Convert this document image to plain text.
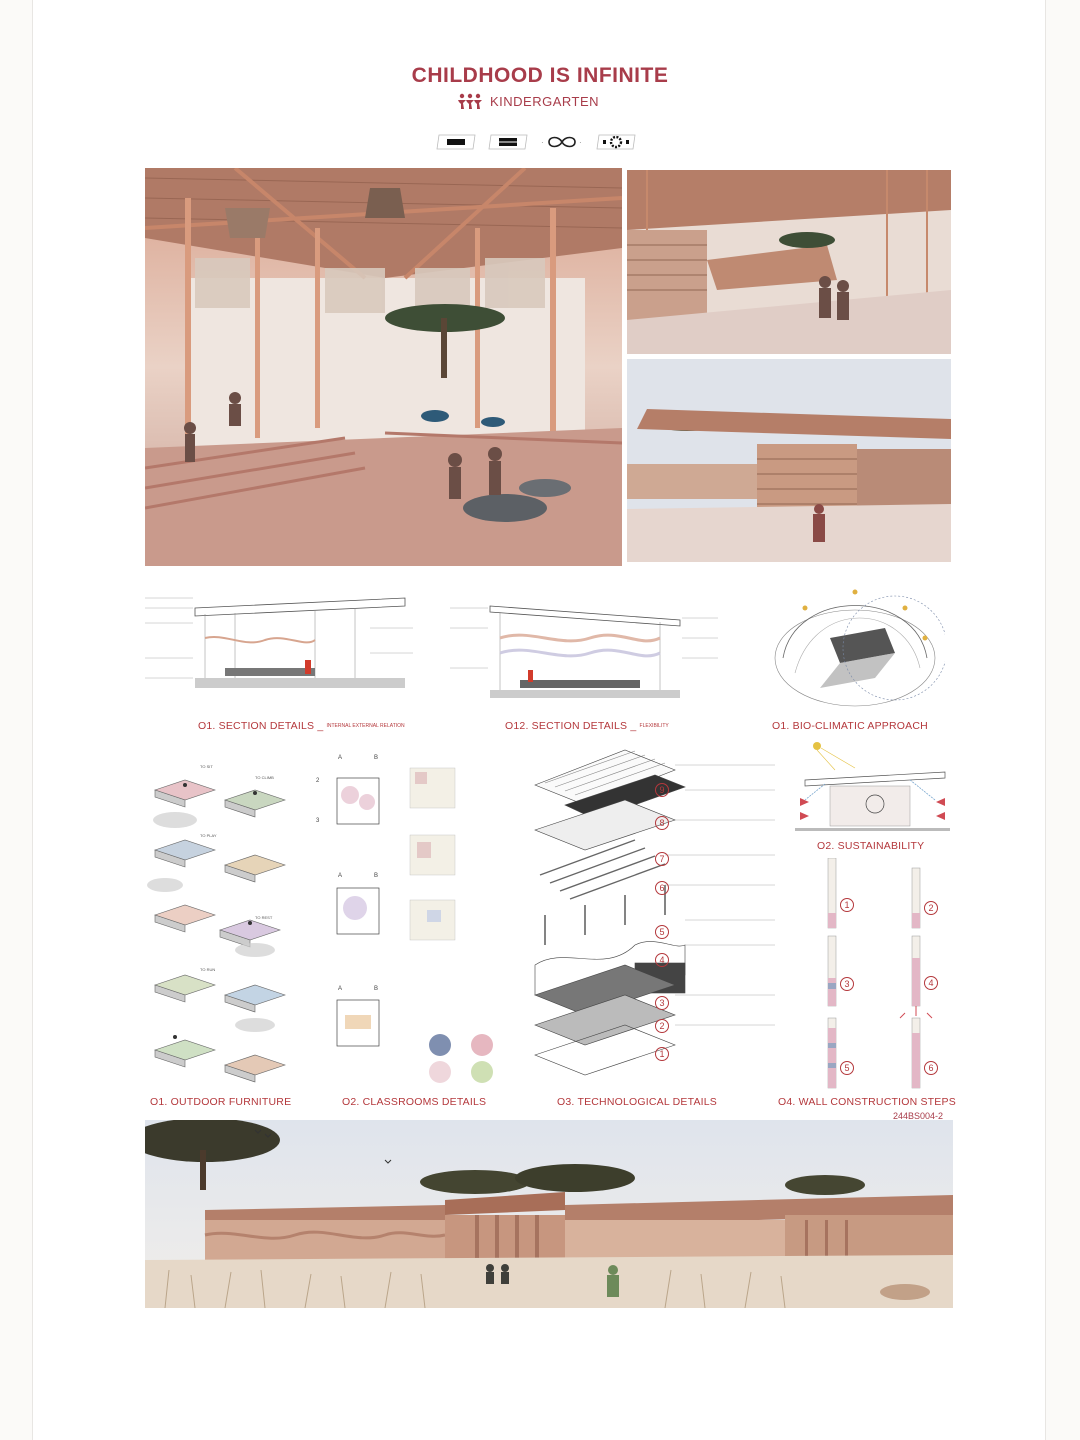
CHILDHOOD IS INFINITE
KINDERGARTEN
·	·
O1. SECTION DETAILS _ INTERNAL EXTERNAL RELATION	O12. SECTION DETAILS _ FLEXIBILITY	O1. BIO-CLIMATIC APPROACH
TO SIT
TO PLAY
TO REST
TO CLIMB
TO RUN
A	B
2
3
A	B
A	B
9
8
7
6
5
4
3
2
1
O2. SUSTAINABILITY
1	2
3	4
5	6
O1. OUTDOOR FURNITURE	O2. CLASSROOMS DETAILS	O3. TECHNOLOGICAL DETAILS	O4. WALL CONSTRUCTION STEPS
244BS004-2
